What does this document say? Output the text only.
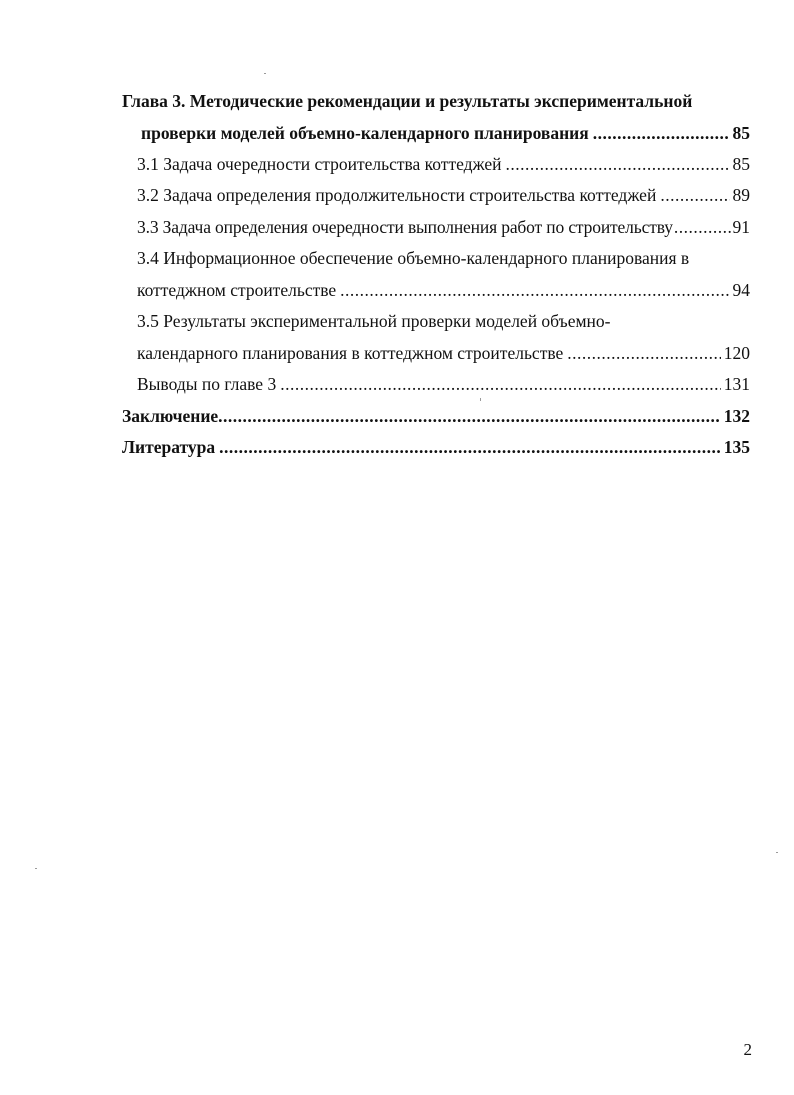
Глава 3. Методические рекомендации и результаты экспериментальной
проверки моделей объемно-календарного планирования .....	85
3.1 Задача очередности строительства коттеджей .....	85
3.2 Задача определения продолжительности строительства коттеджей .....	89
3.3 Задача определения очередности выполнения работ по строительству .....	91
3.4 Информационное обеспечение объемно-календарного планирования в
коттеджном строительстве .....	94
3.5 Результаты экспериментальной проверки моделей объемно-
календарного планирования в коттеджном строительстве .....	120
Выводы по главе 3 .....	131
Заключение .....	132
Литература .....	135
2
